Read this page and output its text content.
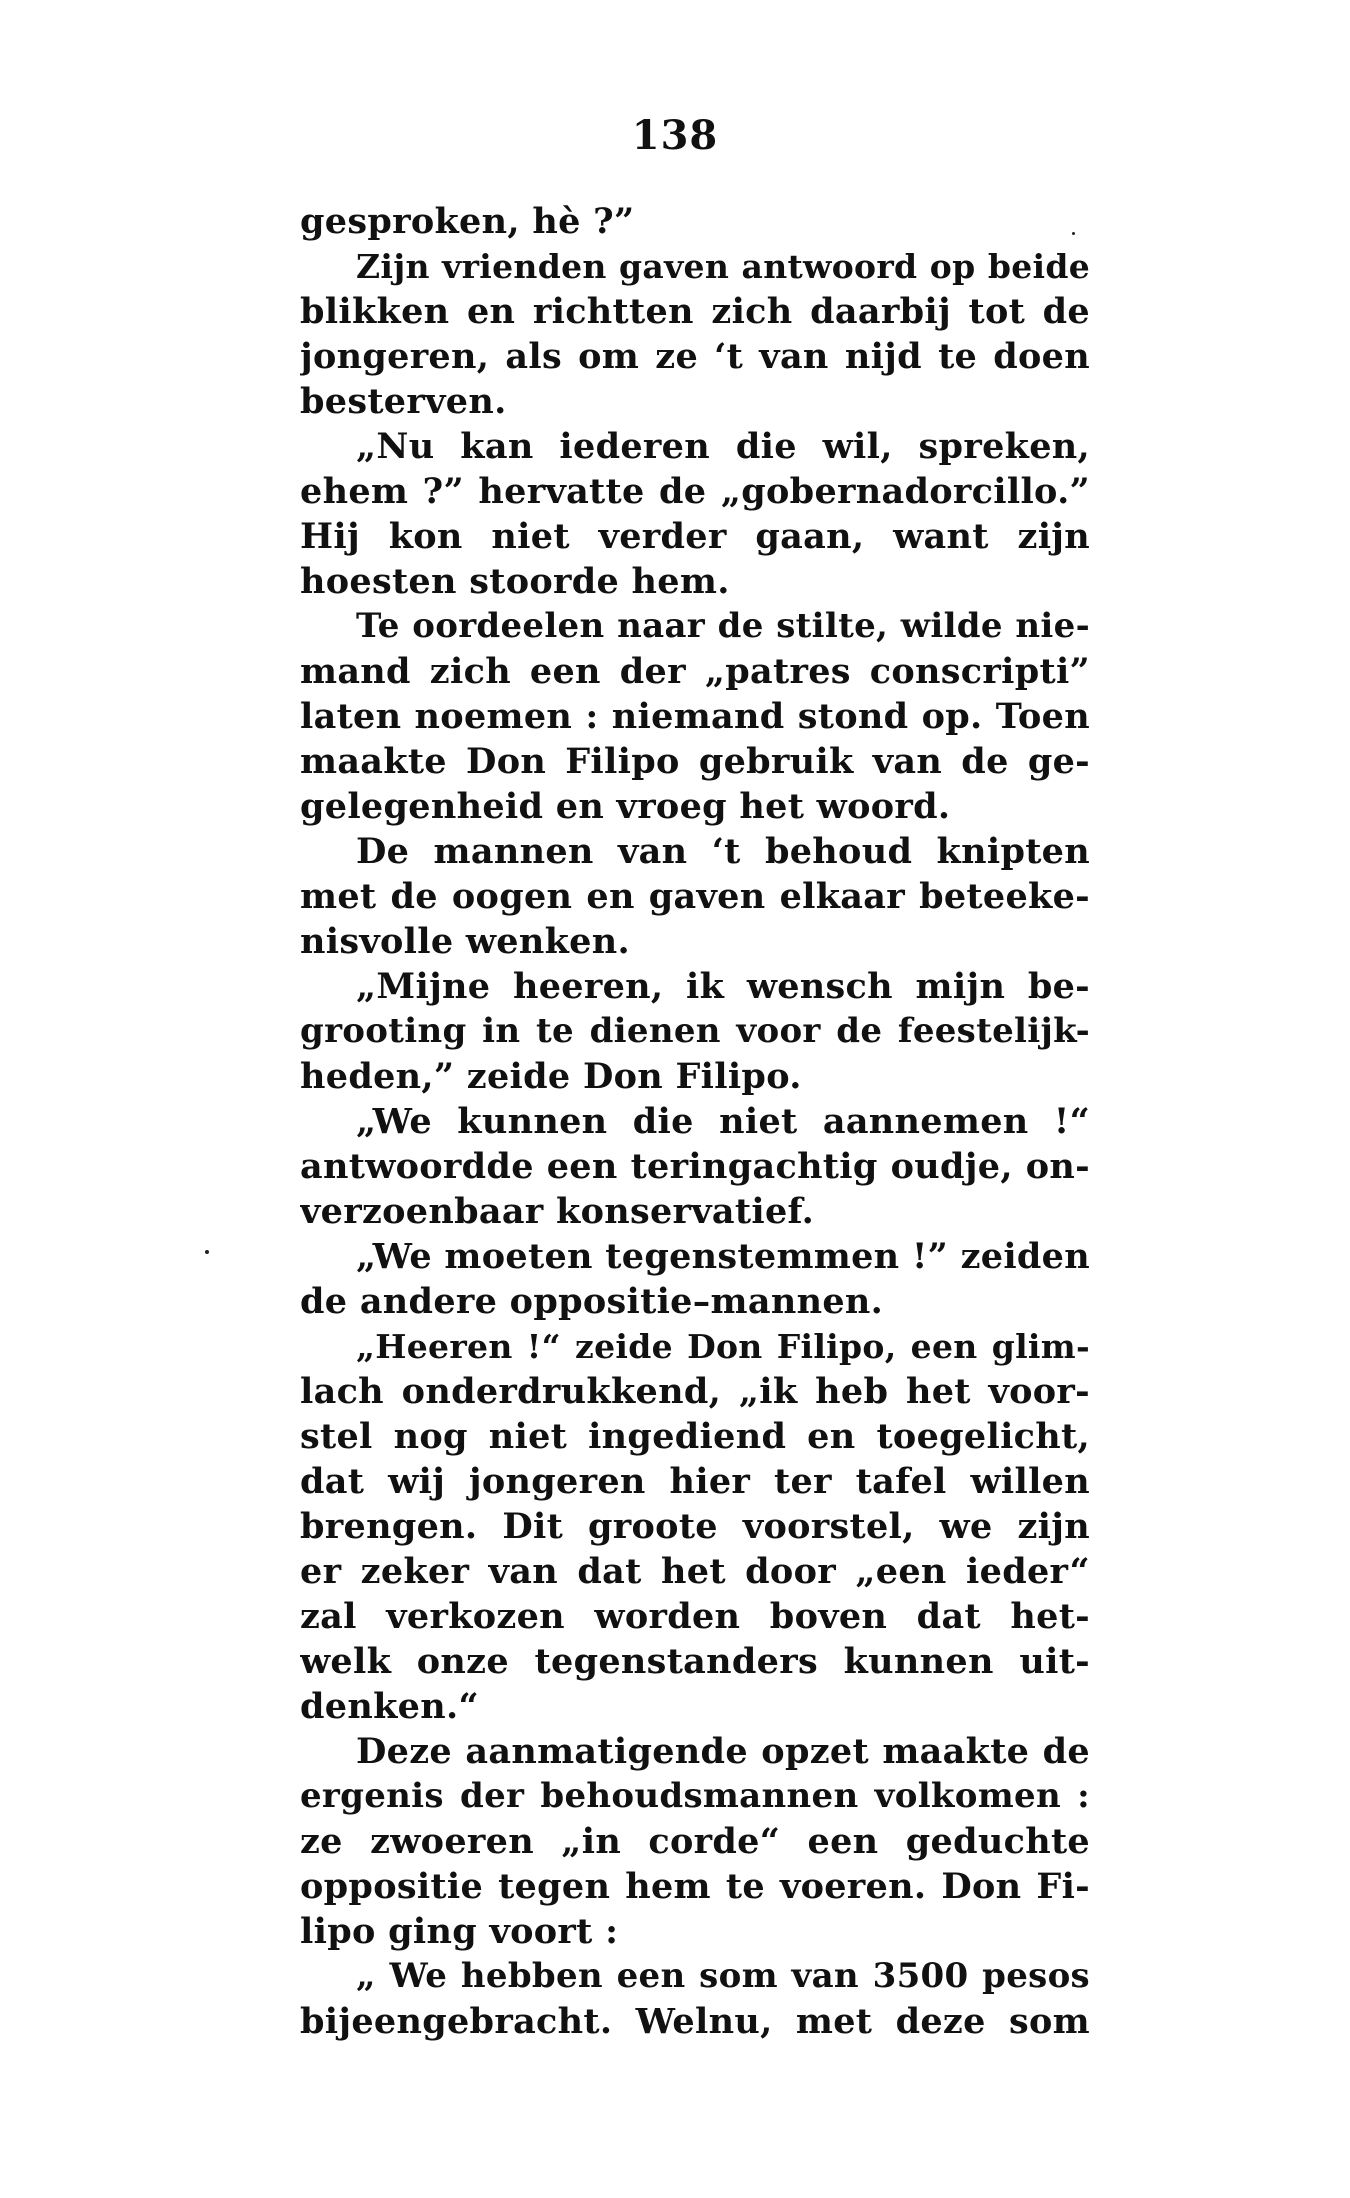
138
gesproken, hè ?”
Zijn vrienden gaven antwoord op beide
blikken en richtten zich daarbij tot de
jongeren, als om ze ‘t van nijd te doen
besterven.
„Nu kan iederen die wil, spreken,
ehem ?” hervatte de „gobernadorcillo.”
Hij kon niet verder gaan, want zijn
hoesten stoorde hem.
Te oordeelen naar de stilte, wilde nie-
mand zich een der „patres conscripti”
laten noemen : niemand stond op. Toen
maakte Don Filipo gebruik van de ge-
gelegenheid en vroeg het woord.
De mannen van ‘t behoud knipten
met de oogen en gaven elkaar beteeke-
nisvolle wenken.
„Mijne heeren, ik wensch mijn be-
grooting in te dienen voor de feestelijk-
heden,” zeide Don Filipo.
„We kunnen die niet aannemen !“
antwoordde een teringachtig oudje, on-
verzoenbaar konservatief.
„We moeten tegenstemmen !” zeiden
de andere oppositie–mannen.
„Heeren !“ zeide Don Filipo, een glim-
lach onderdrukkend, „ik heb het voor-
stel nog niet ingediend en toegelicht,
dat wij jongeren hier ter tafel willen
brengen. Dit groote voorstel, we zijn
er zeker van dat het door „een ieder“
zal verkozen worden boven dat het-
welk onze tegenstanders kunnen uit-
denken.“
Deze aanmatigende opzet maakte de
ergenis der behoudsmannen volkomen :
ze zwoeren „in corde“ een geduchte
oppositie tegen hem te voeren. Don Fi-
lipo ging voort :
„ We hebben een som van 3500 pesos
bijeengebracht. Welnu, met deze som
